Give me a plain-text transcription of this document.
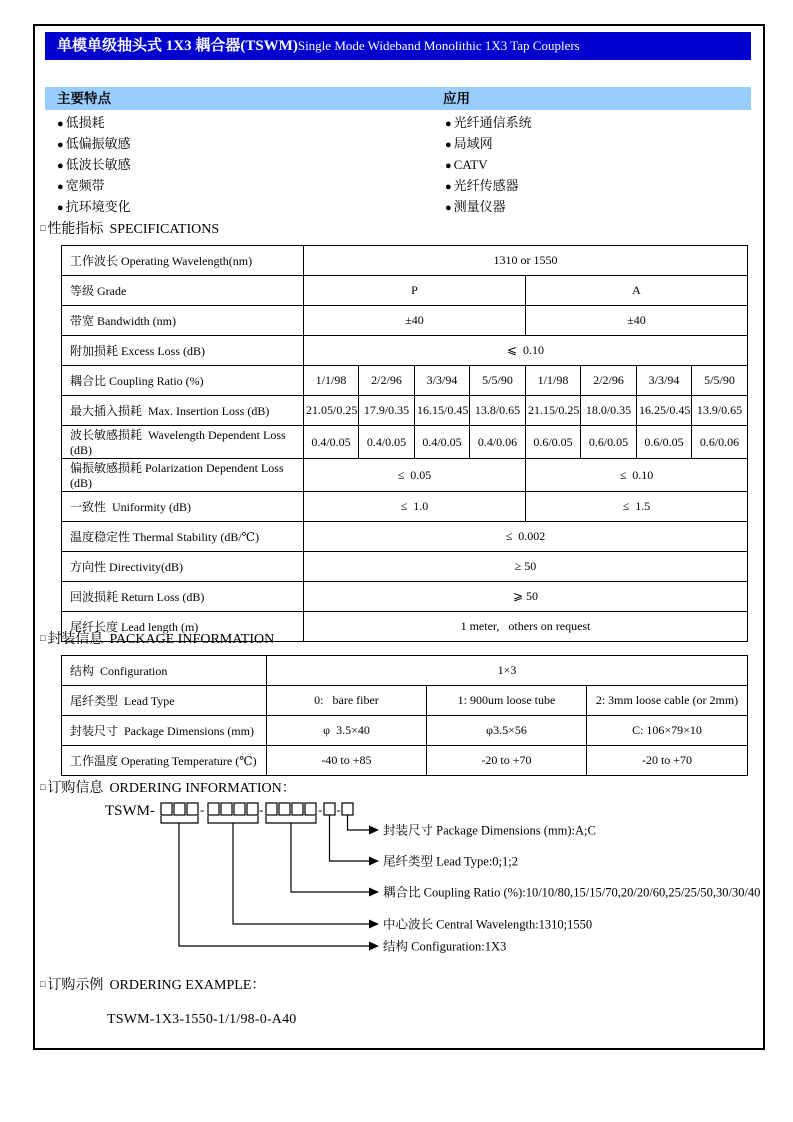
单模单级抽头式 1X3 耦合器(TSWM)Single Mode Wideband Monolithic 1X3 Tap Couplers
主要特点	应用
● 低损耗
● 低偏振敏感
● 低波长敏感
● 宽频带
● 抗环境变化
● 光纤通信系统
● 局域网
● CATV
● 光纤传感器
● 测量仪器
□ 性能指标 SPECIFICATIONS
工作波长 Operating Wavelength(nm)	1310 or 1550							
等级 Grade	P				A			
带宽 Bandwidth (nm)	±40				±40			
附加损耗 Excess Loss (dB)	⩽  0.10							
耦合比 Coupling Ratio (%)	1/1/98	2/2/96	3/3/94	5/5/90	1/1/98	2/2/96	3/3/94	5/5/90
最大插入损耗  Max. Insertion Loss (dB)	21.05/0.25	17.9/0.35	16.15/0.45	13.8/0.65	21.15/0.25	18.0/0.35	16.25/0.45	13.9/0.65
波长敏感损耗  Wavelength Dependent Loss (dB)	0.4/0.05	0.4/0.05	0.4/0.05	0.4/0.06	0.6/0.05	0.6/0.05	0.6/0.05	0.6/0.06
偏振敏感损耗 Polarization Dependent Loss (dB)	≤  0.05				≤  0.10			
一致性  Uniformity (dB)	≤  1.0				≤  1.5			
温度稳定性 Thermal Stability (dB/℃)	≤  0.002							
方向性 Directivity(dB)	≥ 50							
回波损耗 Return Loss (dB)	⩾ 50							
尾纤长度 Lead length (m)	1 meter,   others on request							
□ 封装信息 PACKAGE INFORMATION
结构  Configuration	1×3		
尾纤类型  Lead Type	0:   bare fiber	1: 900um loose tube	2: 3mm loose cable (or 2mm)
封装尺寸  Package Dimensions (mm)	φ  3.5×40	φ3.5×56	C: 106×79×10
工作温度 Operating Temperature (℃)	-40 to +85	-20 to +70	-20 to +70
□ 订购信息 ORDERING INFORMATION：
TSWM-	-	-	- -
封装尺寸 Package Dimensions (mm):A;C
尾纤类型 Lead Type:0;1;2
耦合比 Coupling Ratio (%):10/10/80,15/15/70,20/20/60,25/25/50,30/30/40
中心波长 Central Wavelength:1310;1550
结构 Configuration:1X3
□ 订购示例 ORDERING EXAMPLE：
TSWM-1X3-1550-1/1/98-0-A40
